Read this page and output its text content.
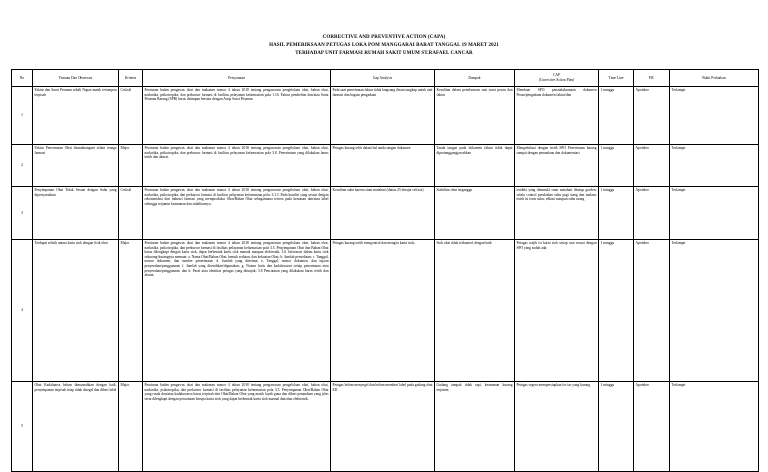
CORRECTIVE AND PREVENTIVE ACTION (CAPA)
HASIL PEMERIKSAAN PETUGAS LOKA POM MANGGARAI BARAT TANGGAL 19 MARET 2021
TERHADAP UNIT FARMASI RUMAH SAKIT UMUM ST.RAFAEL CANCAR
No	Temuan Dan Observasi	Kriteria	Persyaratan	Gap Analysis	Dampak	CAP
(Corrective Action Plan)	Time Line	PIC	Bukti Perbaikan
1	Faktur dan Surat Pesanan sekali Napza masih tersimpan terpisah	Critical	Peraturan badan pengawas obat dan makanan nomor 4 tahun 2018 tentang pengawasan pengelolaan obat, bahan obat, narkotika, psikotropika, dan prekursor farmasi di fasilitas pelayanan kefarmasian pola 1.16. Faktur pembelian dan/atau Surat Pesanan Barang (SPB) harus disimpan bersatu dengan Arsip Surat Pesanan.	Pada saat penerimaan faktur tidak langsung disatu tangkap untuk unit farmasi dan bagian pengadaan	Kesulitan dalam penelusuran saat surat pesan dan faktur	Membuat SPO penatalaksanaan dokumen Pesan/pengadaan dokumen faktur/dan	1 minggu	Apoteker	Terlampir
2	Faktur Penerimaan Obat ditandatangani selain tenaga farmasi	Major	Peraturan badan pengawas obat dan makanan nomor 4 tahun 2018 tentang pengawasan pengelolaan obat, bahan obat, narkotika, psikotropika, dan prekursor farmasi di fasilitas pelayanan kefarmasian pola 3.8. Penerimaan yang dilakukan harus tertib dan akurat.	Petugas kurang teliti dalam hal tanda tangan dokumen	Tanda tangan pada dokumen faktur tidak dapat dipertanggungjawabkan	Mengedukasi dengan tertib SPO Penerimaan barang sampai dengan penandaan dan dokumentasi	1 minggu	Apoteker	Terlampir
3	Penyimpanan Obat Tidak Sesuai dengan Suhu yang dipersyaratkan	Critical	Peraturan badan pengawas obat dan makanan nomor 4 tahun 2018 tentang pengawasan pengelolaan obat, bahan obat, narkotika, psikotropika, dan prekursor farmasi di fasilitas pelayanan kefarmasian pola: 3.1.C Pada kondisi yang sesuai dengan rekomendasi dari industri farmasi yang memproduksi Obat/Bahan Obat sebagaimana tertera pada kemasan dan/atau label sehingga terjamin keamanan dan stabilitasnya.	Kesulitan suhu karena sinar matahari (diatas 25 derajat celcius)	Stabilitas obat terganggu	tendela yang dimasuki sinar matahari ditutup gorden; selalu control perubahan suhu pagi siang dan malam; tertib isi form suhu; edkasi maupun suhu ruang	1 minggu	Apoteker	Terlampir
4	Terdapat selisih antara kartu stok dengan fisik obat	Major	Peraturan badan pengawas obat dan makanan nomor 4 tahun 2018 tentang pengawasan pengelolaan obat, bahan obat, narkotika, psikotropika, dan prekursor farmasi di fasilitas pelayanan kefarmasian pola 3.5. Penyimpanan Obat dan Bahan Obat harus dilengkapi dengan kartu stok, dapat berbentuk kartu stok manual maupun elektronik. 3.6. Informasi dalam kartu stok sekurang-kurangnya memuat: a. Nama Obat/Bahan Obat, bentuk sediaan, dan kekuatan Obat; b. Jumlah persediaan; c. Tanggal, nomor dokumen, dan sumber penerimaan; d. Jumlah yang diterima; e. Tanggal, nomor dokumen, dan tujuan penyerahan/penggunaan; f. Jumlah yang diserahkan/digunakan; g. Nomor batis dan kadaluwarsa setiap penerimaan atau penyerahan/penggunaan; dan h. Paraf atau identitas petugas yang ditunjuk; 3.8 Pencatatan yang dilakukan harus tertib dan akurat.	Petugas kurang tertib mengontrol dan mengisi kartu stok;	Stok obat tidak terkontrol dengan baik	Petugas wajib isi kartu stok setiap saat sesuai dengan SPO yang sudah ada;	1 minggu	Apoteker	Terlampir
5	Obat Kadaluarsa belum dimusnahkan dengan baik, penyimpanan terpisah tetap tidak disegel dan diberi label	Major	Peraturan badan pengawas obat dan makanan nomor 4 tahun 2018 tentang pengawasan pengelolaan obat, bahan obat, narkotika, psikotropika, dan prekursor farmasi di fasilitas pelayanan kefarmasian pola 3.5. Penyimpanan Obat/Bahan Obat yang rusak dan/atau kadaluwarsa harus terpisah dari Obat/Bahan Obat yang masih layak guna dan diberi penandaan yang jelas serta dilengkapi dengan pencatatan berupa kartu stok yang dapat berbentuk kartu stok manual dan/atau elektronik.	Petugas belum menyegel dan belum memberi label pada gudang obat ED	Gudang tampak tidak rapi, keamanan kurang terjamin	Petugas segera mempersiapkan for tas yang kurang	1 minggu	Apoteker	Terlampir
